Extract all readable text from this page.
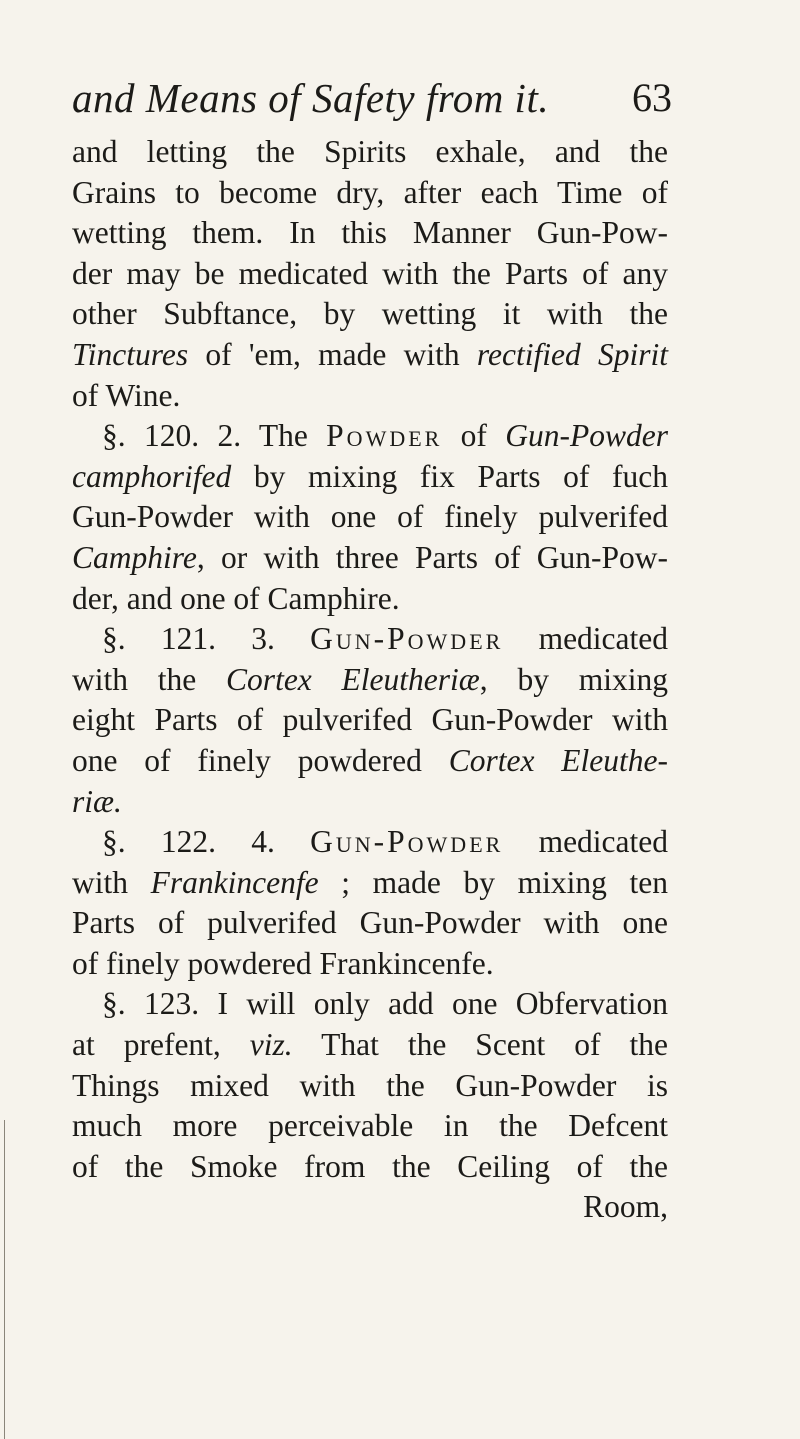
and Means of Safety from it. 63
and letting the Spirits exhale, and the
Grains to become dry, after each Time of
wetting them. In this Manner Gun-Pow-
der may be medicated with the Parts of any
other Subftance, by wetting it with the
Tinctures of 'em, made with rectified Spirit
of Wine.
§. 120. 2. The Powder of Gun-Powder
camphorifed by mixing fix Parts of fuch
Gun-Powder with one of finely pulverifed
Camphire, or with three Parts of Gun-Pow-
der, and one of Camphire.
§. 121. 3. Gun-Powder medicated
with the Cortex Eleutheriæ, by mixing
eight Parts of pulverifed Gun-Powder with
one of finely powdered Cortex Eleuthe-
riæ.
§. 122. 4. Gun-Powder medicated
with Frankincenfe ; made by mixing ten
Parts of pulverifed Gun-Powder with one
of finely powdered Frankincenfe.
§. 123. I will only add one Obfervation
at prefent, viz. That the Scent of the
Things mixed with the Gun-Powder is
much more perceivable in the Defcent
of the Smoke from the Ceiling of the
Room,
